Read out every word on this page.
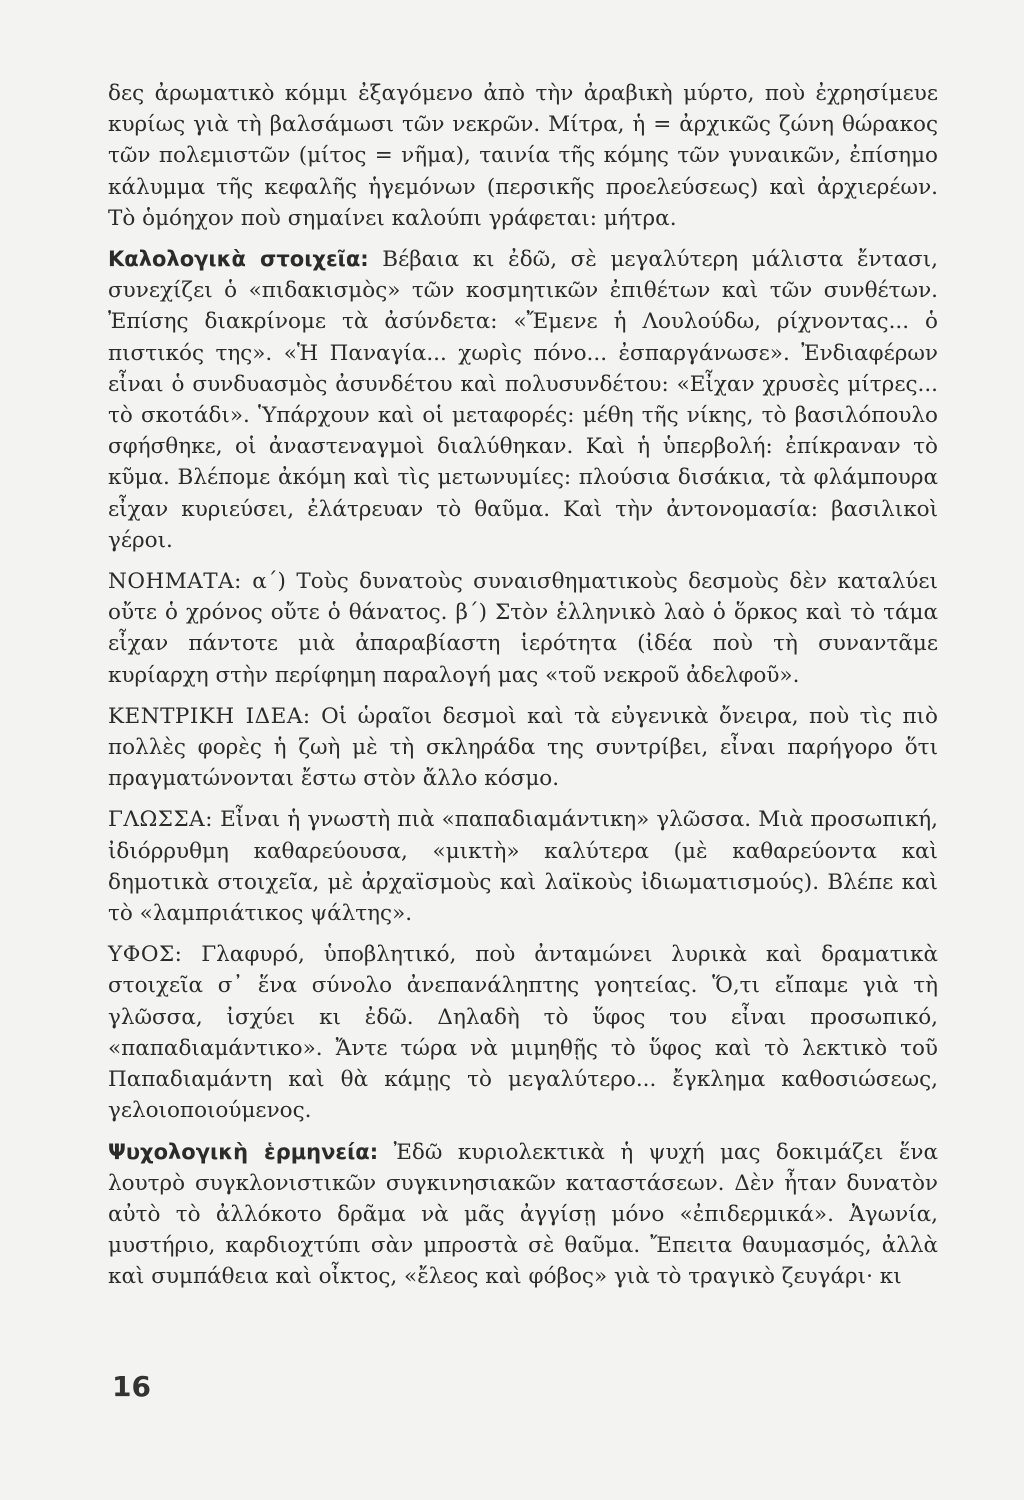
δες ἀρωματικὸ κόμμι ἐξαγόμενο ἀπὸ τὴν ἀραβικὴ μύρτο, ποὺ ἐχρησίμευε κυρίως γιὰ τὴ βαλσάμωσι τῶν νεκρῶν. Μίτρα, ἡ = ἀρχικῶς ζώνη θώρακος τῶν πολεμιστῶν (μίτος = νῆμα), ταινία τῆς κόμης τῶν γυναικῶν, ἐπίσημο κάλυμμα τῆς κεφαλῆς ἡγεμόνων (περσικῆς προελεύσεως) καὶ ἀρχιερέων. Τὸ ὁμόηχον ποὺ σημαίνει καλούπι γράφεται: μήτρα.

Καλολογικὰ στοιχεῖα: Βέβαια κι ἐδῶ, σὲ μεγαλύτερη μάλιστα ἔντασι, συνεχίζει ὁ «πιδακισμὸς» τῶν κοσμητικῶν ἐπιθέτων καὶ τῶν συνθέτων. Ἐπίσης διακρίνομε τὰ ἀσύνδετα: «Ἔμενε ἡ Λουλούδω, ρίχνοντας... ὁ πιστικός της». «Ἡ Παναγία... χωρὶς πόνο... ἐσπαργάνωσε». Ἐνδιαφέρων εἶναι ὁ συνδυασμὸς ἀσυνδέτου καὶ πολυσυνδέτου: «Εἶχαν χρυσὲς μίτρες... τὸ σκοτάδι». Ὑπάρχουν καὶ οἱ μεταφορές: μέθη τῆς νίκης, τὸ βασιλόπουλο σφήσθηκε, οἱ ἀναστεναγμοὶ διαλύθηκαν. Καὶ ἡ ὑπερβολή: ἐπίκραναν τὸ κῦμα. Βλέπομε ἀκόμη καὶ τὶς μετωνυμίες: πλούσια δισάκια, τὰ φλάμπουρα εἶχαν κυριεύσει, ἐλάτρευαν τὸ θαῦμα. Καὶ τὴν ἀντονομασία: βασιλικοὶ γέροι.

ΝΟΗΜΑΤΑ: α΄) Τοὺς δυνατοὺς συναισθηματικοὺς δεσμοὺς δὲν καταλύει οὔτε ὁ χρόνος οὔτε ὁ θάνατος. β΄) Στὸν ἑλληνικὸ λαὸ ὁ ὅρκος καὶ τὸ τάμα εἶχαν πάντοτε μιὰ ἀπαραβίαστη ἱερότητα (ἰδέα ποὺ τὴ συναντᾶμε κυρίαρχη στὴν περίφημη παραλογή μας «τοῦ νεκροῦ ἀδελφοῦ».

ΚΕΝΤΡΙΚΗ ΙΔΕΑ: Οἱ ὡραῖοι δεσμοὶ καὶ τὰ εὐγενικὰ ὄνειρα, ποὺ τὶς πιὸ πολλὲς φορὲς ἡ ζωὴ μὲ τὴ σκληράδα της συντρίβει, εἶναι παρήγορο ὅτι πραγματώνονται ἔστω στὸν ἄλλο κόσμο.

ΓΛΩΣΣΑ: Εἶναι ἡ γνωστὴ πιὰ «παπαδιαμάντικη» γλῶσσα. Μιὰ προσωπική, ἰδιόρρυθμη καθαρεύουσα, «μικτὴ» καλύτερα (μὲ καθαρεύοντα καὶ δημοτικὰ στοιχεῖα, μὲ ἀρχαϊσμοὺς καὶ λαϊκοὺς ἰδιωματισμούς). Βλέπε καὶ τὸ «λαμπριάτικος ψάλτης».

ΥΦΟΣ: Γλαφυρό, ὑποβλητικό, ποὺ ἀνταμώνει λυρικὰ καὶ δραματικὰ στοιχεῖα σ᾽ ἕνα σύνολο ἀνεπανάληπτης γοητείας. Ὅ,τι εἴπαμε γιὰ τὴ γλῶσσα, ἰσχύει κι ἐδῶ. Δηλαδὴ τὸ ὕφος του εἶναι προσωπικό, «παπαδιαμάντικο». Ἄντε τώρα νὰ μιμηθῇς τὸ ὕφος καὶ τὸ λεκτικὸ τοῦ Παπαδιαμάντη καὶ θὰ κάμῃς τὸ μεγαλύτερο... ἔγκλημα καθοσιώσεως, γελοιοποιούμενος.

Ψυχολογικὴ ἑρμηνεία: Ἐδῶ κυριολεκτικὰ ἡ ψυχή μας δοκιμάζει ἕνα λουτρὸ συγκλονιστικῶν συγκινησιακῶν καταστάσεων. Δὲν ἦταν δυνατὸν αὐτὸ τὸ ἀλλόκοτο δρᾶμα νὰ μᾶς ἀγγίσῃ μόνο «ἐπιδερμικά». Ἀγωνία, μυστήριο, καρδιοχτύπι σὰν μπροστὰ σὲ θαῦμα. Ἔπειτα θαυμασμός, ἀλλὰ καὶ συμπάθεια καὶ οἶκτος, «ἔλεος καὶ φόβος» γιὰ τὸ τραγικὸ ζευγάρι· κι

16
